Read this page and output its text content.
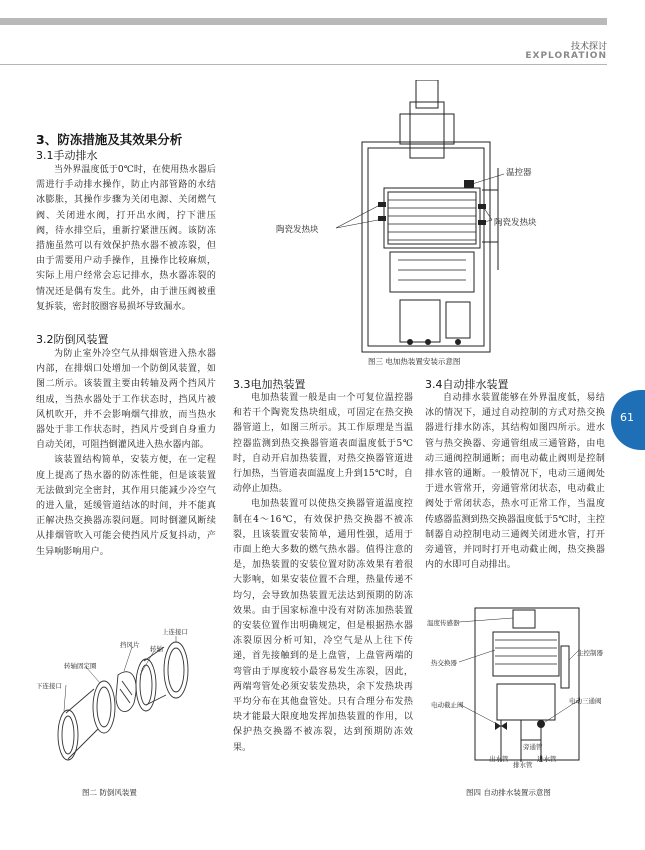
技术探讨
EXPLORATION
61
3、防冻措施及其效果分析
3.1手动排水

当外界温度低于0℃时，在使用热水器后需进行手动排水操作，防止内部管路的水结冰膨胀，其操作步骤为关闭电源、关闭燃气阀、关闭进水阀，打开出水阀，拧下泄压阀，待水排空后，重新拧紧泄压阀。该防冻措施虽然可以有效保护热水器不被冻裂，但由于需要用户动手操作，且操作比较麻烦，实际上用户经常会忘记排水，热水器冻裂的情况还是偶有发生。此外，由于泄压阀被重复拆装，密封胶圈容易损坏导致漏水。

3.2防倒风装置

为防止室外冷空气从排烟管进入热水器内部，在排烟口处增加一个防倒风装置，如图二所示。该装置主要由转轴及两个挡风片组成，当热水器处于工作状态时，挡风片被风机吹开，并不会影响烟气排放，而当热水器处于非工作状态时，挡风片受到自身重力自动关闭，可阻挡倒灌风进入热水器内部。

该装置结构简单，安装方便，在一定程度上提高了热水器的防冻性能，但是该装置无法做到完全密封，其作用只能减少冷空气的进入量，延缓管道结冰的时间，并不能真正解决热交换器冻裂问题。同时倒灌风断续从排烟管吹入可能会使挡风片反复抖动，产生异响影响用户。

上连接口
挡风片 转轴
转轴固定圈
下连接口
图二 防倒风装置
温控器
陶瓷发热块
陶瓷发热块
图三 电加热装置安装示意图
3.3电加热装置

电加热装置一般是由一个可复位温控器和若干个陶瓷发热块组成，可固定在热交换器管道上，如图三所示。其工作原理是当温控器监测到热交换器管道表面温度低于5℃时，自动开启加热装置，对热交换器管道进行加热，当管道表面温度上升到15℃时，自动停止加热。

电加热装置可以使热交换器管道温度控制在4～16℃，有效保护热交换器不被冻裂，且该装置安装简单，通用性强，适用于市面上绝大多数的燃气热水器。值得注意的是，加热装置的安装位置对防冻效果有着很大影响，如果安装位置不合理，热量传递不均匀，会导致加热装置无法达到预期的防冻效果。由于国家标准中没有对防冻加热装置的安装位置作出明确规定，但是根据热水器冻裂原因分析可知，冷空气是从上往下传递，首先接触到的是上盘管，上盘管两端的弯管由于厚度较小最容易发生冻裂，因此，两端弯管处必须安装发热块，余下发热块再平均分布在其他盘管处。只有合理分布发热块才能最大限度地发挥加热装置的作用，以保护热交换器不被冻裂，达到预期防冻效果。

3.4自动排水装置

自动排水装置能够在外界温度低，易结冰的情况下，通过自动控制的方式对热交换器进行排水防冻，其结构如图四所示。进水管与热交换器、旁通管组成三通管路，由电动三通阀控制通断；而电动截止阀则是控制排水管的通断。一般情况下，电动三通阀处于进水管常开，旁通管常闭状态，电动截止阀处于常闭状态，热水可正常工作，当温度传感器监测到热交换器温度低于5℃时，主控制器自动控制电动三通阀关闭进水管，打开旁通管，并同时打开电动截止阀，热交换器内的水即可自动排出。

温度传感器
热交换器
主控制器
电动截止阀	电动三通阀
旁通管
出水管
排水管
进水管
图四 自动排水装置示意图
